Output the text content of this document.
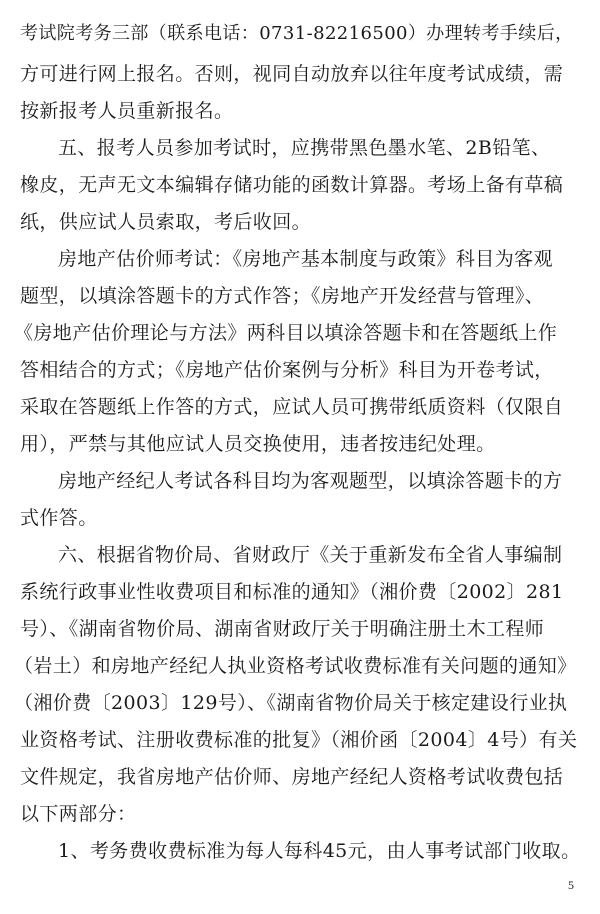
考试院考务三部（联系电话：0731-82216500）办理转考手续后，
方可进行网上报名。否则，视同自动放弃以往年度考试成绩，需
按新报考人员重新报名。
五、报考人员参加考试时，应携带黑色墨水笔、2B铅笔、
橡皮，无声无文本编辑存储功能的函数计算器。考场上备有草稿
纸，供应试人员索取，考后收回。
房地产估价师考试：《房地产基本制度与政策》科目为客观
题型，以填涂答题卡的方式作答；《房地产开发经营与管理》、
《房地产估价理论与方法》两科目以填涂答题卡和在答题纸上作
答相结合的方式；《房地产估价案例与分析》科目为开卷考试，
采取在答题纸上作答的方式，应试人员可携带纸质资料（仅限自
用），严禁与其他应试人员交换使用，违者按违纪处理。
房地产经纪人考试各科目均为客观题型，以填涂答题卡的方
式作答。
六、根据省物价局、省财政厅《关于重新发布全省人事编制
系统行政事业性收费项目和标准的通知》（湘价费〔2002〕281
号）、《湖南省物价局、湖南省财政厅关于明确注册土木工程师
（岩土）和房地产经纪人执业资格考试收费标准有关问题的通知》
（湘价费〔2003〕129号）、《湖南省物价局关于核定建设行业执
业资格考试、注册收费标准的批复》（湘价函〔2004〕4号）有关
文件规定，我省房地产估价师、房地产经纪人资格考试收费包括
以下两部分：
1、考务费收费标准为每人每科45元，由人事考试部门收取。
5
